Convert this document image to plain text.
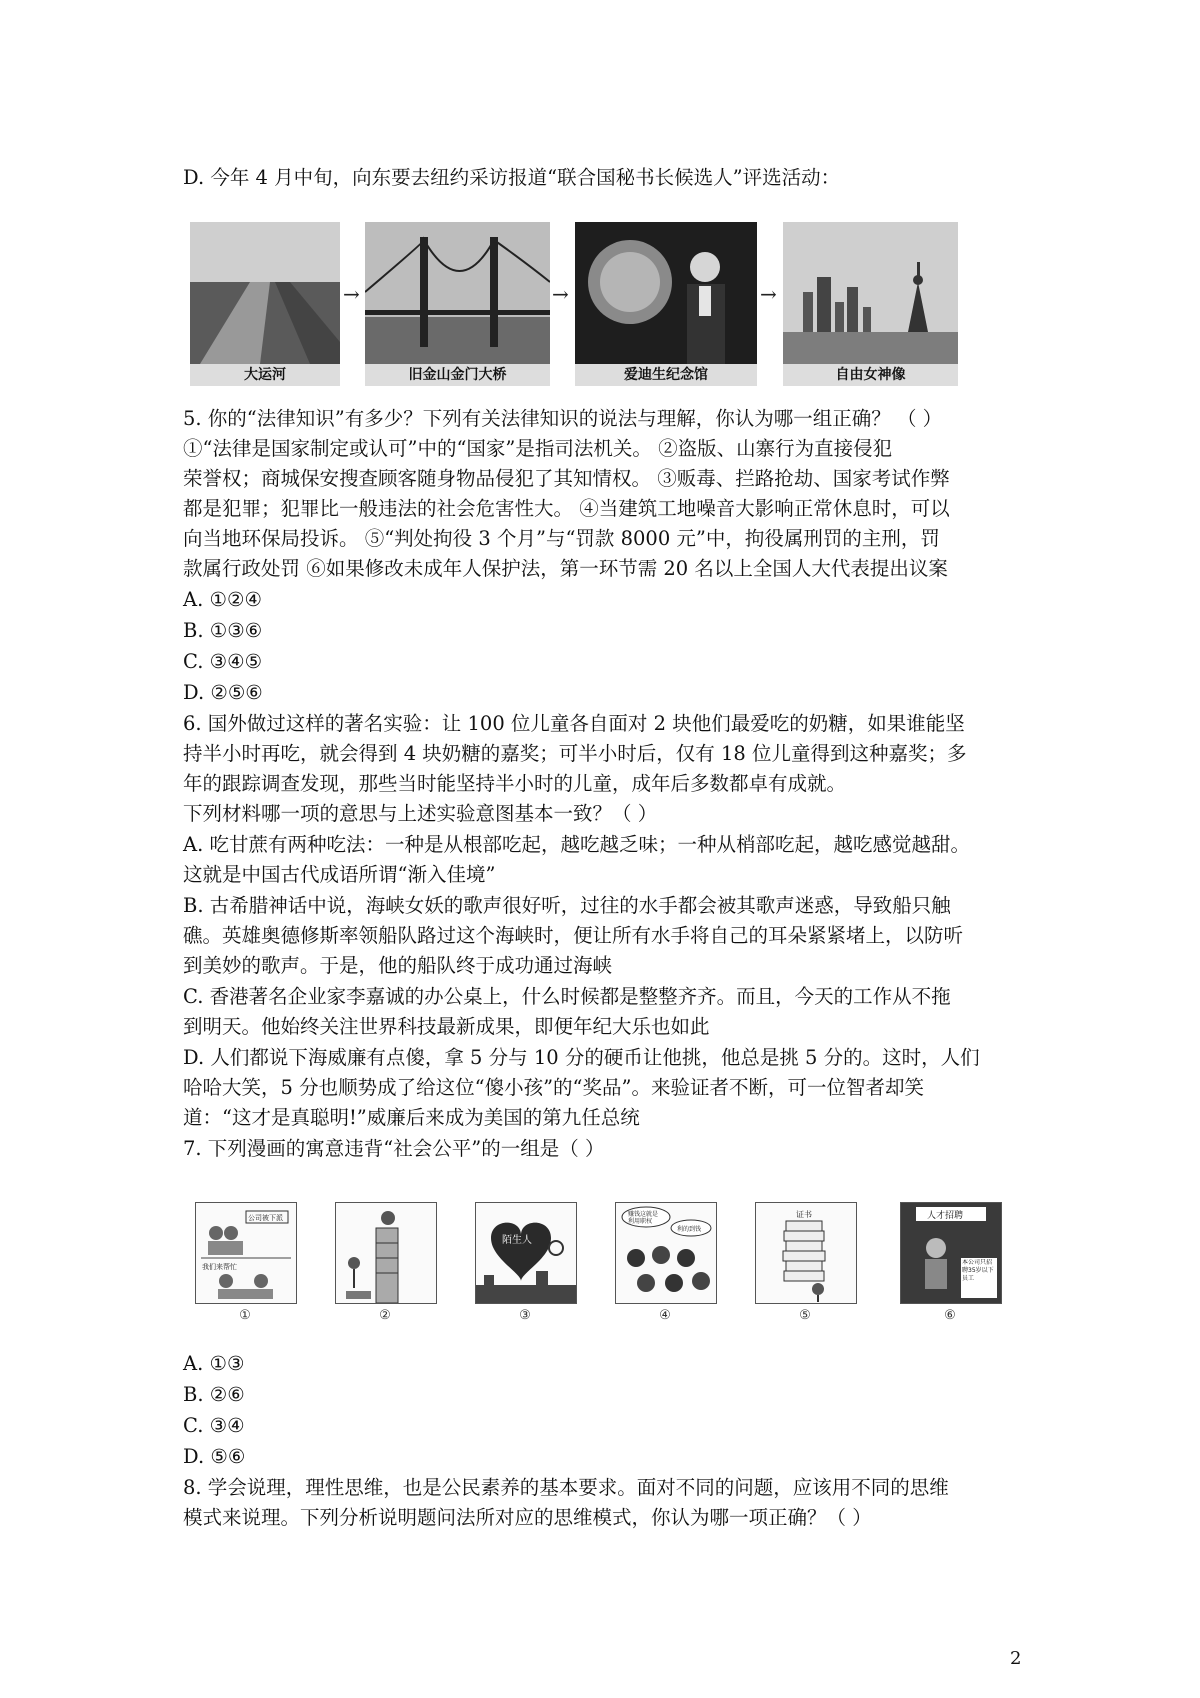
D. 今年 4 月中旬，向东要去纽约采访报道“联合国秘书长候选人”评选活动：
→	→	→
大运河	旧金山金门大桥	爱迪生纪念馆	自由女神像
5. 你的“法律知识”有多少？下列有关法律知识的说法与理解，你认为哪一组正确？ （ ）
①“法律是国家制定或认可”中的“国家”是指司法机关。 ②盗版、山寨行为直接侵犯
荣誉权；商城保安搜查顾客随身物品侵犯了其知情权。 ③贩毒、拦路抢劫、国家考试作弊
都是犯罪；犯罪比一般违法的社会危害性大。 ④当建筑工地噪音大影响正常休息时，可以
向当地环保局投诉。 ⑤“判处拘役 3 个月”与“罚款 8000 元”中，拘役属刑罚的主刑，罚
款属行政处罚 ⑥如果修改未成年人保护法，第一环节需 20 名以上全国人大代表提出议案
A. ①②④
B. ①③⑥
C. ③④⑤
D. ②⑤⑥
6. 国外做过这样的著名实验：让 100 位儿童各自面对 2 块他们最爱吃的奶糖，如果谁能坚
持半小时再吃，就会得到 4 块奶糖的嘉奖；可半小时后，仅有 18 位儿童得到这种嘉奖；多
年的跟踪调查发现，那些当时能坚持半小时的儿童，成年后多数都卓有成就。
下列材料哪一项的意思与上述实验意图基本一致？（ ）
A. 吃甘蔗有两种吃法：一种是从根部吃起，越吃越乏味；一种从梢部吃起，越吃感觉越甜。
这就是中国古代成语所谓“渐入佳境”
B. 古希腊神话中说，海峡女妖的歌声很好听，过往的水手都会被其歌声迷惑，导致船只触
礁。英雄奥德修斯率领船队路过这个海峡时，便让所有水手将自己的耳朵紧紧堵上，以防听
到美妙的歌声。于是，他的船队终于成功通过海峡
C. 香港著名企业家李嘉诚的办公桌上，什么时候都是整整齐齐。而且，今天的工作从不拖
到明天。他始终关注世界科技最新成果，即便年纪大乐也如此
D. 人们都说下海威廉有点傻，拿 5 分与 10 分的硬币让他挑，他总是挑 5 分的。这时，人们
哈哈大笑，5 分也顺势成了给这位“傻小孩”的“奖品”。来验证者不断，可一位智者却笑
道：“这才是真聪明!”威廉后来成为美国的第九任总统
7. 下列漫画的寓意违背“社会公平”的一组是（ ）
公司被下派
我们来帮忙
①	②
陌生人
③
赚钱这就是
利用职权
利的到钱
④
证书
⑤
人才招聘
本公司只招聘35岁以下员工
⑥
A. ①③
B. ②⑥
C. ③④
D. ⑤⑥
8. 学会说理，理性思维，也是公民素养的基本要求。面对不同的问题，应该用不同的思维
模式来说理。下列分析说明题问法所对应的思维模式，你认为哪一项正确？（ ）
2
